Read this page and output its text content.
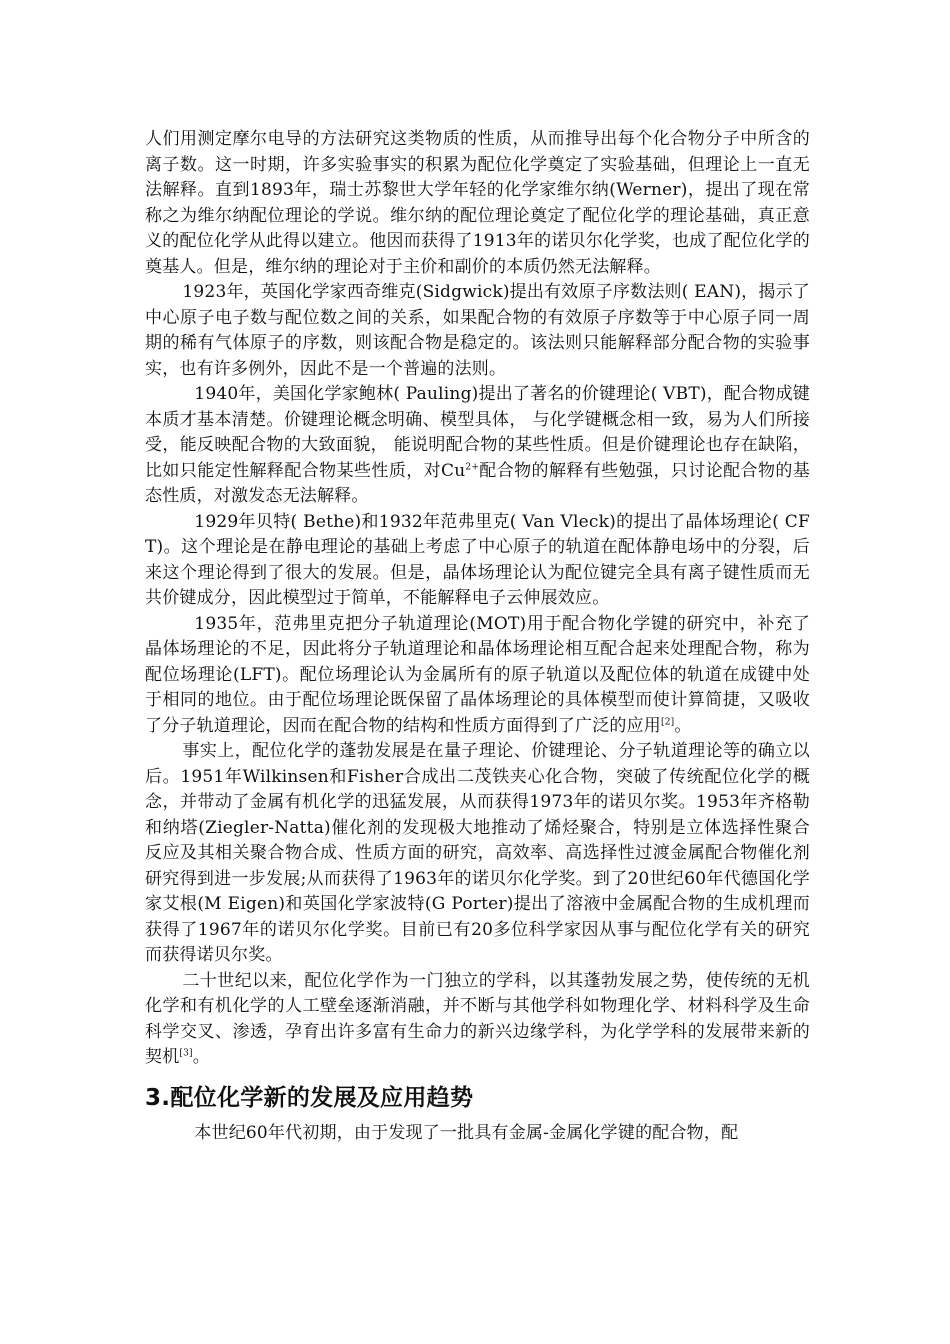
人们用测定摩尔电导的方法研究这类物质的性质，从而推导出每个化合物分子中所含的离子数。这一时期，许多实验事实的积累为配位化学奠定了实验基础，但理论上一直无法解释。直到1893年，瑞士苏黎世大学年轻的化学家维尔纳(Werner)，提出了现在常称之为维尔纳配位理论的学说。维尔纳的配位理论奠定了配位化学的理论基础，真正意义的配位化学从此得以建立。他因而获得了1913年的诺贝尔化学奖，也成了配位化学的奠基人。但是，维尔纳的理论对于主价和副价的本质仍然无法解释。

1923年，英国化学家西奇维克(Sidgwick)提出有效原子序数法则( EAN)，揭示了中心原子电子数与配位数之间的关系，如果配合物的有效原子序数等于中心原子同一周期的稀有气体原子的序数，则该配合物是稳定的。该法则只能解释部分配合物的实验事实，也有许多例外，因此不是一个普遍的法则。

1940年，美国化学家鲍林( Pauling)提出了著名的价键理论( VBT)，配合物成键本质才基本清楚。价键理论概念明确、模型具体， 与化学键概念相一致，易为人们所接受，能反映配合物的大致面貌， 能说明配合物的某些性质。但是价键理论也存在缺陷，比如只能定性解释配合物某些性质，对$Cu^{2+}$配合物的解释有些勉强，只讨论配合物的基态性质，对激发态无法解释。

1929年贝特( Bethe)和1932年范弗里克( Van Vleck)的提出了晶体场理论( CFT)。这个理论是在静电理论的基础上考虑了中心原子的轨道在配体静电场中的分裂，后来这个理论得到了很大的发展。但是，晶体场理论认为配位键完全具有离子键性质而无共价键成分，因此模型过于简单，不能解释电子云伸展效应。

1935年，范弗里克把分子轨道理论(MOT)用于配合物化学键的研究中，补充了晶体场理论的不足，因此将分子轨道理论和晶体场理论相互配合起来处理配合物，称为配位场理论(LFT)。配位场理论认为金属所有的原子轨道以及配位体的轨道在成键中处于相同的地位。由于配位场理论既保留了晶体场理论的具体模型而使计算简捷，又吸收了分子轨道理论，因而在配合物的结构和性质方面得到了广泛的应用[2]。

事实上，配位化学的蓬勃发展是在量子理论、价键理论、分子轨道理论等的确立以后。1951年Wilkinsen和Fisher合成出二茂铁夹心化合物，突破了传统配位化学的概念，并带动了金属有机化学的迅猛发展，从而获得1973年的诺贝尔奖。1953年齐格勒和纳塔(Ziegler-Natta)催化剂的发现极大地推动了烯烃聚合，特别是立体选择性聚合反应及其相关聚合物合成、性质方面的研究，高效率、高选择性过渡金属配合物催化剂研究得到进一步发展;从而获得了1963年的诺贝尔化学奖。到了20世纪60年代德国化学家艾根(M Eigen)和英国化学家波特(G Porter)提出了溶液中金属配合物的生成机理而获得了1967年的诺贝尔化学奖。目前已有20多位科学家因从事与配位化学有关的研究而获得诺贝尔奖。

二十世纪以来，配位化学作为一门独立的学科，以其蓬勃发展之势，使传统的无机化学和有机化学的人工壁垒逐渐消融，并不断与其他学科如物理化学、材料科学及生命科学交叉、渗透，孕育出许多富有生命力的新兴边缘学科，为化学学科的发展带来新的契机[3]。

3.配位化学新的发展及应用趋势

本世纪60年代初期，由于发现了一批具有金属-金属化学键的配合物，配
